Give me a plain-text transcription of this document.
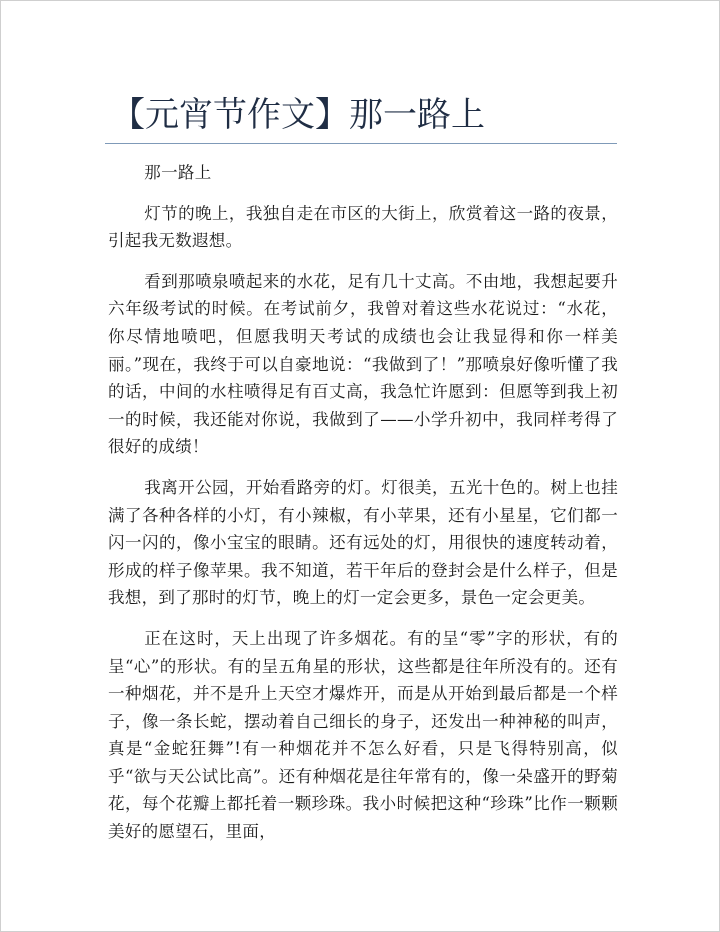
【元宵节作文】那一路上

那一路上

灯节的晚上，我独自走在市区的大街上，欣赏着这一路的夜景，引起我无数遐想。

看到那喷泉喷起来的水花，足有几十丈高。不由地，我想起要升六年级考试的时候。在考试前夕，我曾对着这些水花说过：“水花，你尽情地喷吧，但愿我明天考试的成绩也会让我显得和你一样美丽。”现在，我终于可以自豪地说：“我做到了！”那喷泉好像听懂了我的话，中间的水柱喷得足有百丈高，我急忙许愿到：但愿等到我上初一的时候，我还能对你说，我做到了——小学升初中，我同样考得了很好的成绩！

我离开公园，开始看路旁的灯。灯很美，五光十色的。树上也挂满了各种各样的小灯，有小辣椒，有小苹果，还有小星星，它们都一闪一闪的，像小宝宝的眼睛。还有远处的灯，用很快的速度转动着，形成的样子像苹果。我不知道，若干年后的登封会是什么样子，但是我想，到了那时的灯节，晚上的灯一定会更多，景色一定会更美。

正在这时，天上出现了许多烟花。有的呈“零”字的形状，有的呈“心”的形状。有的呈五角星的形状，这些都是往年所没有的。还有一种烟花，并不是升上天空才爆炸开，而是从开始到最后都是一个样子，像一条长蛇，摆动着自己细长的身子，还发出一种神秘的叫声，真是“金蛇狂舞”!有一种烟花并不怎么好看，只是飞得特别高，似乎“欲与天公试比高”。还有种烟花是往年常有的，像一朵盛开的野菊花，每个花瓣上都托着一颗珍珠。我小时候把这种“珍珠”比作一颗颗美好的愿望石，里面，
